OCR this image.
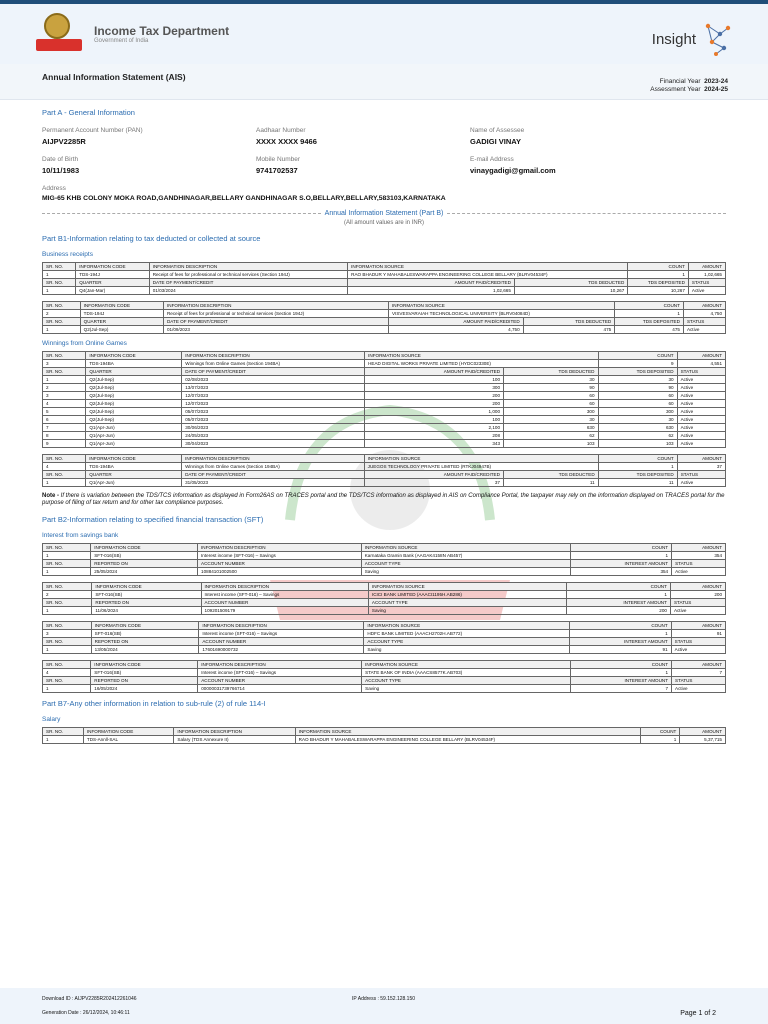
Income Tax Department
Government of India	Insight
Annual Information Statement (AIS)	Financial Year 2023-24
Assessment Year 2024-25
Part A - General Information
Permanent Account Number (PAN)
AIJPV2285R
Aadhaar Number
XXXX XXXX 9466
Name of Assessee
GADIGI VINAY
Date of Birth
10/11/1983
Mobile Number
9741702537
E-mail Address
vinaygadigi@gmail.com
Address
MIG-65 KHB COLONY MOKA ROAD,GANDHINAGAR,BELLARY GANDHINAGAR S.O,BELLARY,BELLARY,583103,KARNATAKA
Annual Information Statement (Part B)
(All amount values are in INR)
Part B1-Information relating to tax deducted or collected at source
Business receipts
SR. NO.	INFORMATION CODE	INFORMATION DESCRIPTION	INFORMATION SOURCE		COUNT	AMOUNT
1	TDS-194J	Receipt of fees for professional or technical services (Section 194J)	RAO BHADUR Y MAHABALESWARAPPA ENGINEERING COLLEGE BELLARY (BLRV04534F)		1	1,02,665
SR. NO.	QUARTER	DATE OF PAYMENT/CREDIT	AMOUNT PAID/CREDITED	TDS DEDUCTED	TDS DEPOSITED	STATUS
1	Q4(Jan-Mar)	01/03/2024	1,02,665	10,267	10,267	Active
SR. NO.	INFORMATION CODE	INFORMATION DESCRIPTION	INFORMATION SOURCE		COUNT	AMOUNT
2	TDS-194J	Receipt of fees for professional or technical services (Section 194J)	VISVESVARAIAH TECHNOLOGICAL UNIVERSITY (BLRV04084D)		1	4,750
SR. NO.	QUARTER	DATE OF PAYMENT/CREDIT	AMOUNT PAID/CREDITED	TDS DEDUCTED	TDS DEPOSITED	STATUS
1	Q2(Jul-Sep)	01/09/2023	4,750	475	475	Active
Winnings from Online Games
SR. NO.	INFORMATION CODE	INFORMATION DESCRIPTION	INFORMATION SOURCE		COUNT	AMOUNT
3	TDS-194BA	Winnings from Online Games (Section 194BA)	HEAD DIGITAL WORKS PRIVATE LIMITED (HYDC02330E)		9	4,551
SR. NO.	QUARTER	DATE OF PAYMENT/CREDIT	AMOUNT PAID/CREDITED	TDS DEDUCTED	TDS DEPOSITED	STATUS
1	Q2(Jul-Sep)	02/08/2023	100	30	30	Active
2	Q2(Jul-Sep)	13/07/2023	300	90	90	Active
3	Q2(Jul-Sep)	12/07/2023	200	60	60	Active
4	Q2(Jul-Sep)	12/07/2023	200	60	60	Active
5	Q2(Jul-Sep)	05/07/2023	1,000	300	300	Active
6	Q2(Jul-Sep)	05/07/2023	100	30	30	Active
7	Q1(Apr-Jun)	30/06/2023	2,100	630	630	Active
8	Q1(Apr-Jun)	24/05/2023	208	62	62	Active
9	Q1(Apr-Jun)	30/04/2023	343	103	103	Active
SR. NO.	INFORMATION CODE	INFORMATION DESCRIPTION	INFORMATION SOURCE		COUNT	AMOUNT
4	TDS-194BA	Winnings from Online Games (Section 194BA)	JUEGOS TECHNOLOGY PRIVATE LIMITED (RTKJ04947B)		1	37
SR. NO.	QUARTER	DATE OF PAYMENT/CREDIT	AMOUNT PAID/CREDITED	TDS DEDUCTED	TDS DEPOSITED	STATUS
1	Q1(Apr-Jun)	31/05/2023	37	11	11	Active
Note - If there is variation between the TDS/TCS information as displayed in Form26AS on TRACES portal and the TDS/TCS information as displayed in AIS on Compliance Portal, the taxpayer may rely on the information displayed on TRACES portal for the purpose of filing of tax return and for other tax compliance purposes.
Part B2-Information relating to specified financial transaction (SFT)
Interest from savings bank
SR. NO.	INFORMATION CODE	INFORMATION DESCRIPTION	INFORMATION SOURCE	COUNT	AMOUNT
1	SFT-016(SB)	Interest income (SFT-016) – Savings	Karnataka Gramin Bank (AAGAK4158N AB457)	1	354
SR. NO.	REPORTED ON	ACCOUNT NUMBER	ACCOUNT TYPE	INTEREST AMOUNT	STATUS
1	25/05/2024	10884101002500	Saving	354	Active
SR. NO.	INFORMATION CODE	INFORMATION DESCRIPTION	INFORMATION SOURCE	COUNT	AMOUNT
2	SFT-016(SB)	Interest income (SFT-016) – Savings	ICICI BANK LIMITED (AAACI1195H.AB286)	1	200
SR. NO.	REPORTED ON	ACCOUNT NUMBER	ACCOUNT TYPE	INTEREST AMOUNT	STATUS
1	11/06/2024	109201509179	Saving	200	Active
SR. NO.	INFORMATION CODE	INFORMATION DESCRIPTION	INFORMATION SOURCE	COUNT	AMOUNT
3	SFT-016(SB)	Interest income (SFT-016) – Savings	HDFC BANK LIMITED (AAACH2702H.AB772)	1	91
SR. NO.	REPORTED ON	ACCOUNT NUMBER	ACCOUNT TYPE	INTEREST AMOUNT	STATUS
1	13/05/2024	17601690000732	Saving	91	Active
SR. NO.	INFORMATION CODE	INFORMATION DESCRIPTION	INFORMATION SOURCE	COUNT	AMOUNT
4	SFT-016(SB)	Interest income (SFT-016) – Savings	STATE BANK OF INDIA (AAACS8577K.AB703)	1	7
SR. NO.	REPORTED ON	ACCOUNT NUMBER	ACCOUNT TYPE	INTEREST AMOUNT	STATUS
1	16/05/2024	00000031739766714	Saving	7	Active
Part B7-Any other information in relation to sub-rule (2) of rule 114-I
Salary
SR. NO.	INFORMATION CODE	INFORMATION DESCRIPTION	INFORMATION SOURCE	COUNT	AMOUNT
1	TDS-Annll-SAL	Salary (TDS Annexure II)	RAO BHADUR Y MAHABALESWARAPPA ENGINEERING COLLEGE BELLARY (BLRV04534F)	1	5,37,715
Download ID : AIJPV2285R202412261046
Generation Date : 26/12/2024, 10:46:11
IP Address : 59.152.128.150
Page 1 of 2
